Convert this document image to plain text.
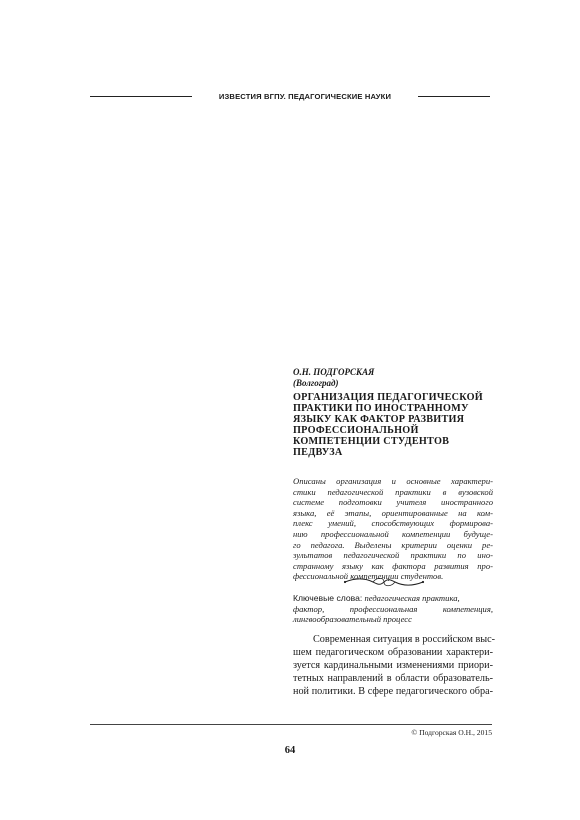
ИЗВЕСТИЯ ВГПУ. ПЕДАГОГИЧЕСКИЕ НАУКИ
О.Н. ПОДГОРСКАЯ
(Волгоград)
ОРГАНИЗАЦИЯ ПЕДАГОГИЧЕСКОЙ
ПРАКТИКИ ПО ИНОСТРАННОМУ
ЯЗЫКУ КАК ФАКТОР РАЗВИТИЯ
ПРОФЕССИОНАЛЬНОЙ
КОМПЕТЕНЦИИ СТУДЕНТОВ
ПЕДВУЗА
Описаны организация и основные характери-
стики педагогической практики в вузовской
системе подготовки учителя иностранного
языка, её этапы, ориентированные на ком-
плекс умений, способствующих формирова-
нию профессиональной компетенции будуще-
го педагога. Выделены критерии оценки ре-
зультатов педагогической практики по ино-
странному языку как фактора развития про-
фессиональной компетенции студентов.
Ключевые слова: педагогическая практика,
фактор, профессиональная компетенция,
лингвообразовательный процесс
Современная ситуация в российском выс-
шем педагогическом образовании характери-
зуется кардинальными изменениями приори-
тетных направлений в области образователь-
ной политики. В сфере педагогического обра-
© Подгорская О.Н., 2015
64
